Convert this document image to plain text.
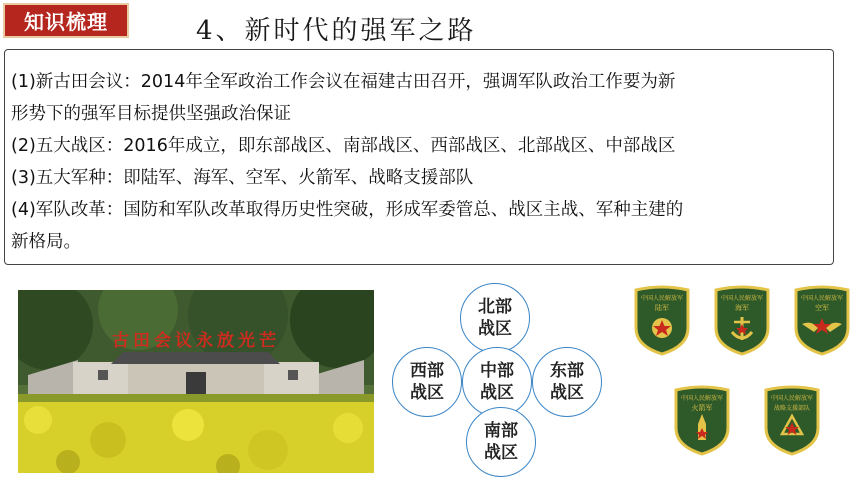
知识梳理	4、新时代的强军之路
(1)新古田会议：2014年全军政治工作会议在福建古田召开，强调军队政治工作要为新
形势下的强军目标提供坚强政治保证
(2)五大战区：2016年成立，即东部战区、南部战区、西部战区、北部战区、中部战区
(3)五大军种：即陆军、海军、空军、火箭军、战略支援部队
(4)军队改革：国防和军队改革取得历史性突破，形成军委管总、战区主战、军种主建的
新格局。
古田会议永放光芒
北部战区
西部战区
中部战区
东部战区
南部战区
中国人民解放军
陆军
中国人民解放军
海军
中国人民解放军
空军
中国人民解放军
火箭军
中国人民解放军
战略支援部队
